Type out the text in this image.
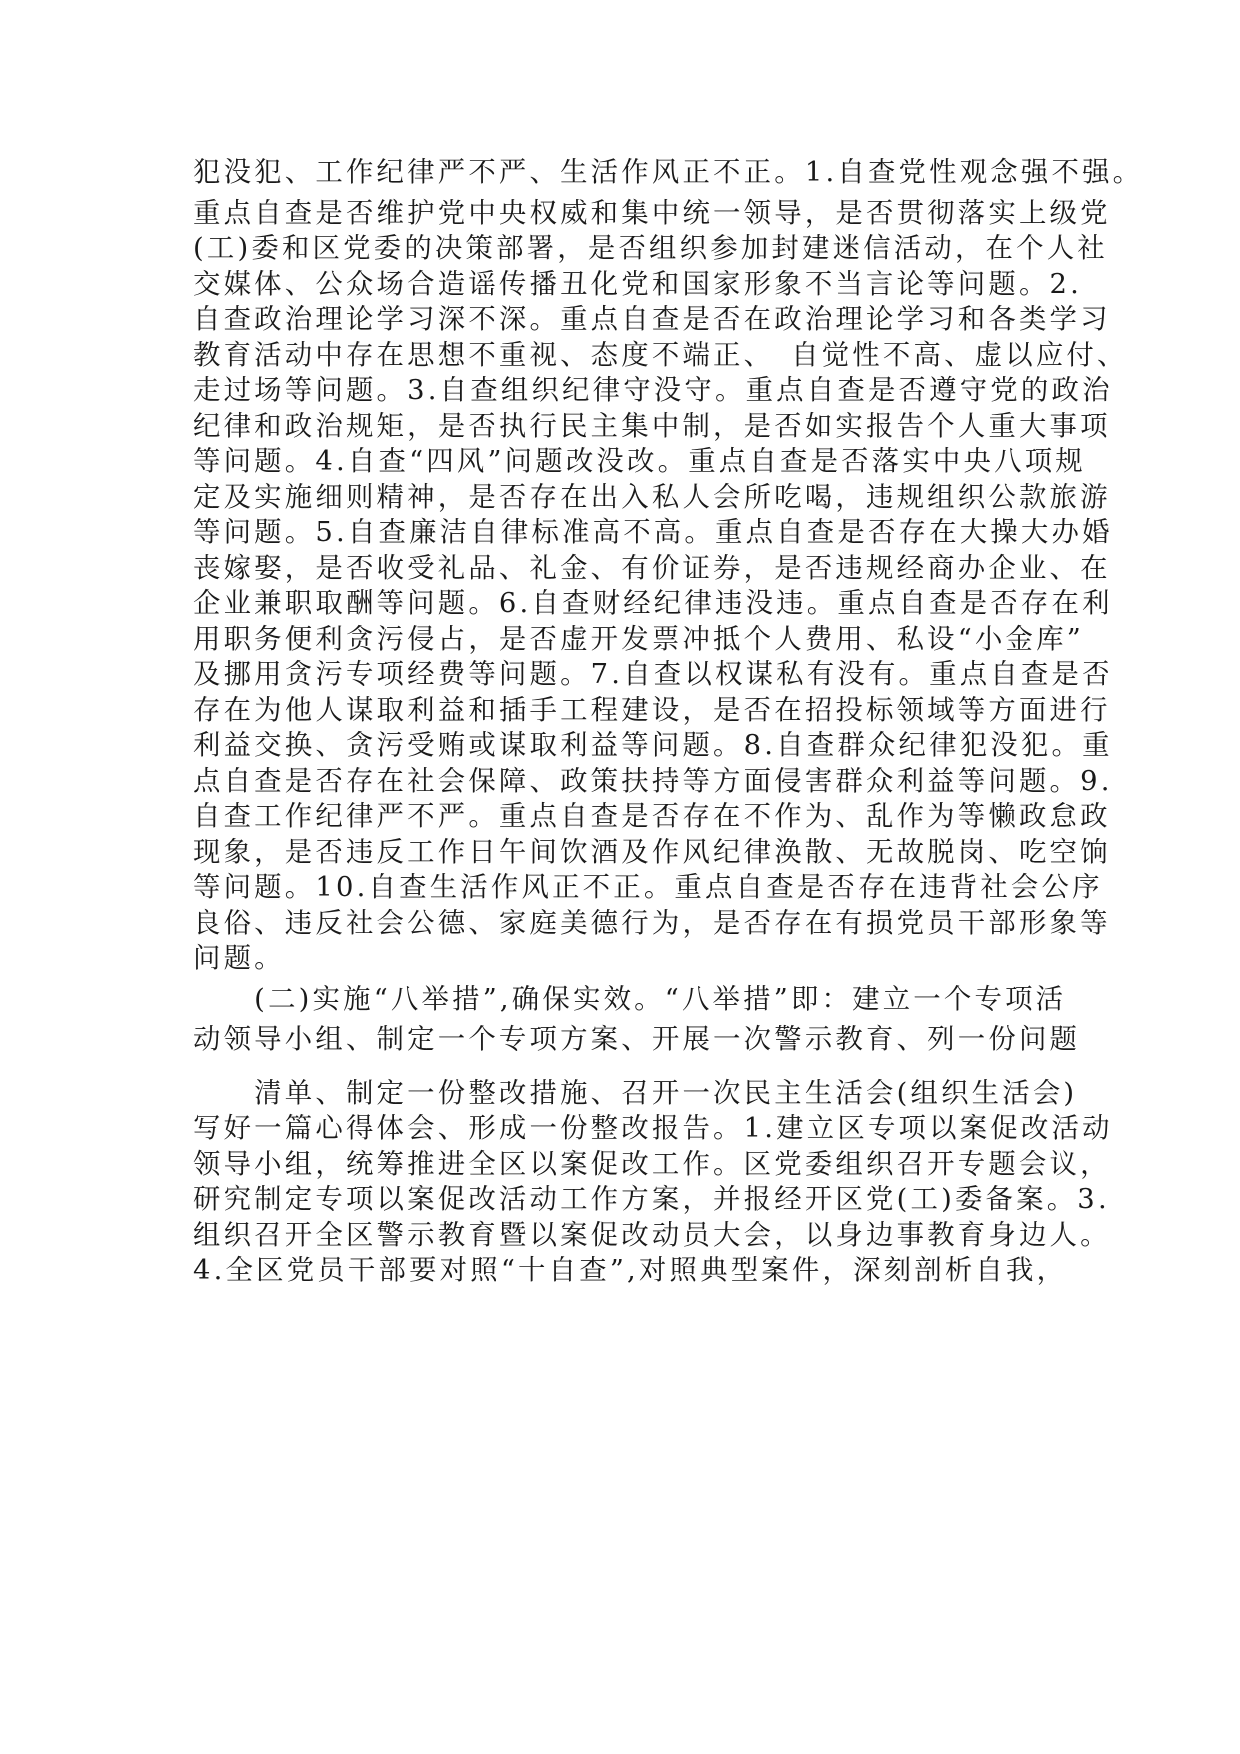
犯没犯、工作纪律严不严、生活作风正不正。1.自查党性观念强不强。
重点自查是否维护党中央权威和集中统一领导，是否贯彻落实上级党
(工)委和区党委的决策部署，是否组织参加封建迷信活动，在个人社
交媒体、公众场合造谣传播丑化党和国家形象不当言论等问题。2.
自查政治理论学习深不深。重点自查是否在政治理论学习和各类学习
教育活动中存在思想不重视、态度不端正、　自觉性不高、虚以应付、
走过场等问题。3.自查组织纪律守没守。重点自查是否遵守党的政治
纪律和政治规矩，是否执行民主集中制，是否如实报告个人重大事项
等问题。4.自查“四风”问题改没改。重点自查是否落实中央八项规
定及实施细则精神，是否存在出入私人会所吃喝，违规组织公款旅游
等问题。5.自查廉洁自律标准高不高。重点自查是否存在大操大办婚
丧嫁娶，是否收受礼品、礼金、有价证券，是否违规经商办企业、在
企业兼职取酬等问题。6.自查财经纪律违没违。重点自查是否存在利
用职务便利贪污侵占，是否虚开发票冲抵个人费用、私设“小金库”
及挪用贪污专项经费等问题。7.自查以权谋私有没有。重点自查是否
存在为他人谋取利益和插手工程建设，是否在招投标领域等方面进行
利益交换、贪污受贿或谋取利益等问题。8.自查群众纪律犯没犯。重
点自查是否存在社会保障、政策扶持等方面侵害群众利益等问题。9.
自查工作纪律严不严。重点自查是否存在不作为、乱作为等懒政怠政
现象，是否违反工作日午间饮酒及作风纪律涣散、无故脱岗、吃空饷
等问题。10.自查生活作风正不正。重点自查是否存在违背社会公序
良俗、违反社会公德、家庭美德行为，是否存在有损党员干部形象等
问题。
　　(二)实施“八举措”,确保实效。“八举措”即：建立一个专项活
动领导小组、制定一个专项方案、开展一次警示教育、列一份问题
　　清单、制定一份整改措施、召开一次民主生活会(组织生活会)
写好一篇心得体会、形成一份整改报告。1.建立区专项以案促改活动
领导小组，统筹推进全区以案促改工作。区党委组织召开专题会议，
研究制定专项以案促改活动工作方案，并报经开区党(工)委备案。3.
组织召开全区警示教育暨以案促改动员大会，以身边事教育身边人。
4.全区党员干部要对照“十自查”,对照典型案件，深刻剖析自我，
